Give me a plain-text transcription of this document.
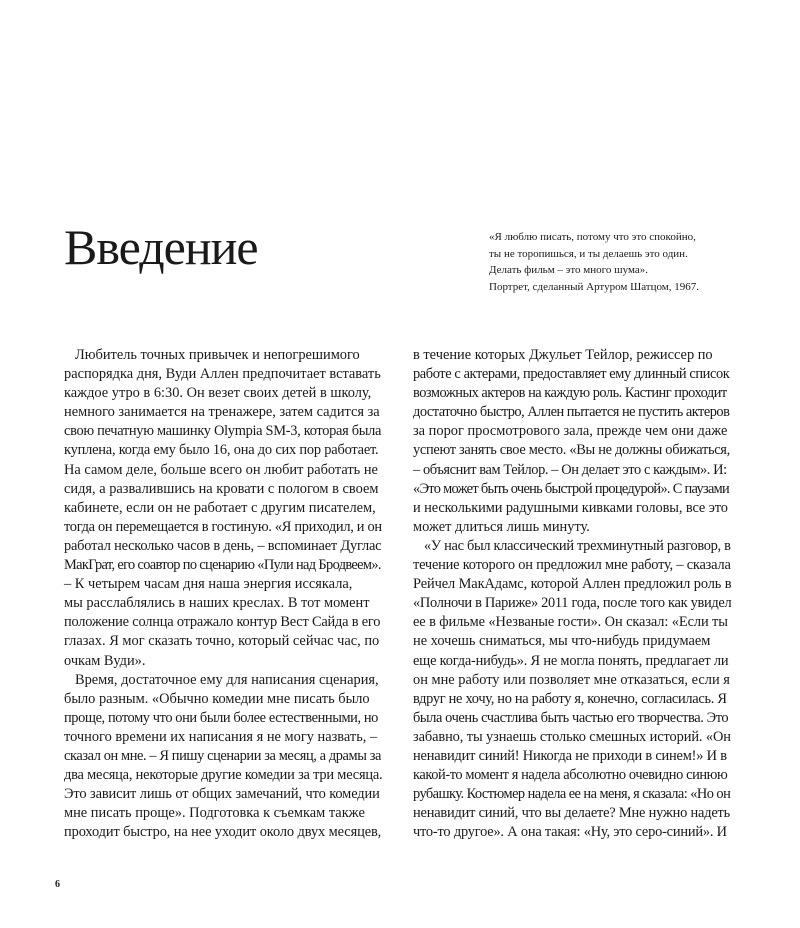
Введение	«Я люблю писать, потому что это спокойно,
ты не торопишься, и ты делаешь это один.
Делать фильм – это много шума».
Портрет, сделанный Артуром Шатцом, 1967.
Любитель точных привычек и непогрешимого
распорядка дня, Вуди Аллен предпочитает вставать
каждое утро в 6:30. Он везет своих детей в школу,
немного занимается на тренажере, затем садится за
свою печатную машинку Olympia SM-3, которая была
куплена, когда ему было 16, она до сих пор работает.
На самом деле, больше всего он любит работать не
сидя, а развалившись на кровати с пологом в своем
кабинете, если он не работает с другим писателем,
тогда он перемещается в гостиную. «Я приходил, и он
работал несколько часов в день, – вспоминает Дуглас
МакГрат, его соавтор по сценарию «Пули над Бродвеем».
– К четырем часам дня наша энергия иссякала,
мы расслаблялись в наших креслах. В тот момент
положение солнца отражало контур Вест Сайда в его
глазах. Я мог сказать точно, который сейчас час, по
очкам Вуди».
Время, достаточное ему для написания сценария,
было разным. «Обычно комедии мне писать было
проще, потому что они были более естественными, но
точного времени их написания я не могу назвать, –
сказал он мне. – Я пишу сценарии за месяц, а драмы за
два месяца, некоторые другие комедии за три месяца.
Это зависит лишь от общих замечаний, что комедии
мне писать проще». Подготовка к съемкам также
проходит быстро, на нее уходит около двух месяцев,
в течение которых Джульет Тейлор, режиссер по
работе с актерами, предоставляет ему длинный список
возможных актеров на каждую роль. Кастинг проходит
достаточно быстро, Аллен пытается не пустить актеров
за порог просмотрового зала, прежде чем они даже
успеют занять свое место. «Вы не должны обижаться,
– объяснит вам Тейлор. – Он делает это с каждым». И:
«Это может быть очень быстрой процедурой». С паузами
и несколькими радушными кивками головы, все это
может длиться лишь минуту.
«У нас был классический трехминутный разговор, в
течение которого он предложил мне работу, – сказала
Рейчел МакАдамс, которой Аллен предложил роль в
«Полночи в Париже» 2011 года, после того как увидел
ее в фильме «Незваные гости». Он сказал: «Если ты
не хочешь сниматься, мы что-нибудь придумаем
еще когда-нибудь». Я не могла понять, предлагает ли
он мне работу или позволяет мне отказаться, если я
вдруг не хочу, но на работу я, конечно, согласилась. Я
была очень счастлива быть частью его творчества. Это
забавно, ты узнаешь столько смешных историй. «Он
ненавидит синий! Никогда не приходи в синем!» И в
какой-то момент я надела абсолютно очевидно синюю
рубашку. Костюмер надела ее на меня, я сказала: «Но он
ненавидит синий, что вы делаете? Мне нужно надеть
что-то другое». А она такая: «Ну, это серо-синий». И
6
